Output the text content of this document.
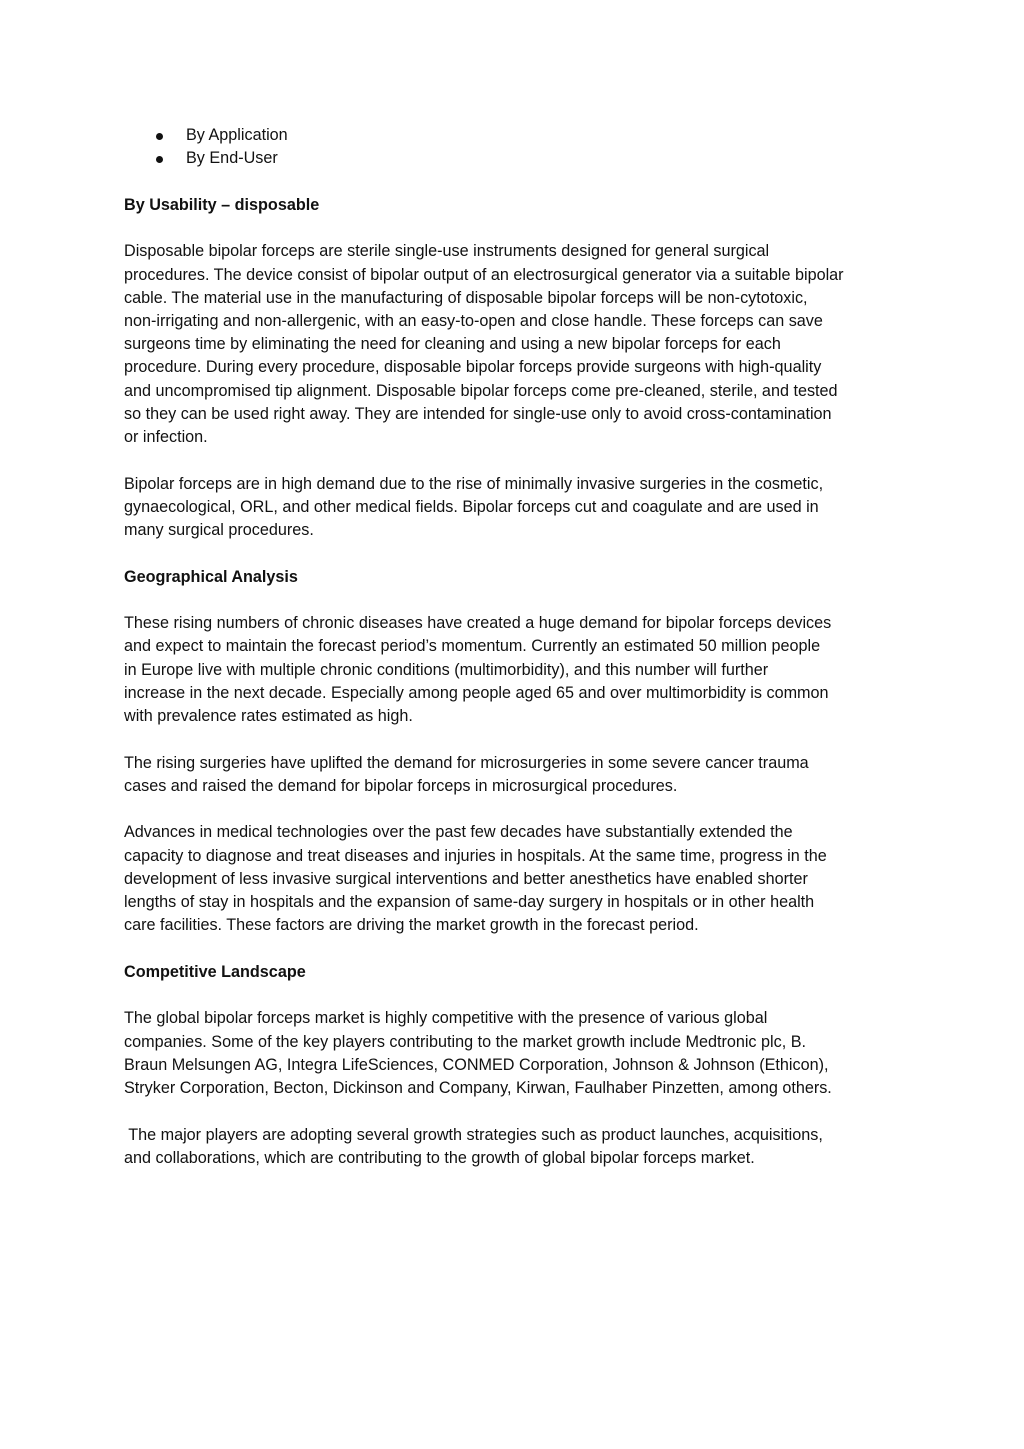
By Application
By End-User

By Usability – disposable

Disposable bipolar forceps are sterile single-use instruments designed for general surgical
procedures. The device consist of bipolar output of an electrosurgical generator via a suitable bipolar
cable. The material use in the manufacturing of disposable bipolar forceps will be non-cytotoxic,
non-irrigating and non-allergenic, with an easy-to-open and close handle. These forceps can save
surgeons time by eliminating the need for cleaning and using a new bipolar forceps for each
procedure. During every procedure, disposable bipolar forceps provide surgeons with high-quality
and uncompromised tip alignment. Disposable bipolar forceps come pre-cleaned, sterile, and tested
so they can be used right away. They are intended for single-use only to avoid cross-contamination
or infection.

Bipolar forceps are in high demand due to the rise of minimally invasive surgeries in the cosmetic,
gynaecological, ORL, and other medical fields. Bipolar forceps cut and coagulate and are used in
many surgical procedures.

Geographical Analysis

These rising numbers of chronic diseases have created a huge demand for bipolar forceps devices
and expect to maintain the forecast period’s momentum. Currently an estimated 50 million people
in Europe live with multiple chronic conditions (multimorbidity), and this number will further
increase in the next decade. Especially among people aged 65 and over multimorbidity is common
with prevalence rates estimated as high.

The rising surgeries have uplifted the demand for microsurgeries in some severe cancer trauma
cases and raised the demand for bipolar forceps in microsurgical procedures.

Advances in medical technologies over the past few decades have substantially extended the
capacity to diagnose and treat diseases and injuries in hospitals. At the same time, progress in the
development of less invasive surgical interventions and better anesthetics have enabled shorter
lengths of stay in hospitals and the expansion of same-day surgery in hospitals or in other health
care facilities. These factors are driving the market growth in the forecast period.

Competitive Landscape

The global bipolar forceps market is highly competitive with the presence of various global
companies. Some of the key players contributing to the market growth include Medtronic plc, B.
Braun Melsungen AG, Integra LifeSciences, CONMED Corporation, Johnson & Johnson (Ethicon),
Stryker Corporation, Becton, Dickinson and Company, Kirwan, Faulhaber Pinzetten, among others.

The major players are adopting several growth strategies such as product launches, acquisitions,
and collaborations, which are contributing to the growth of global bipolar forceps market.
